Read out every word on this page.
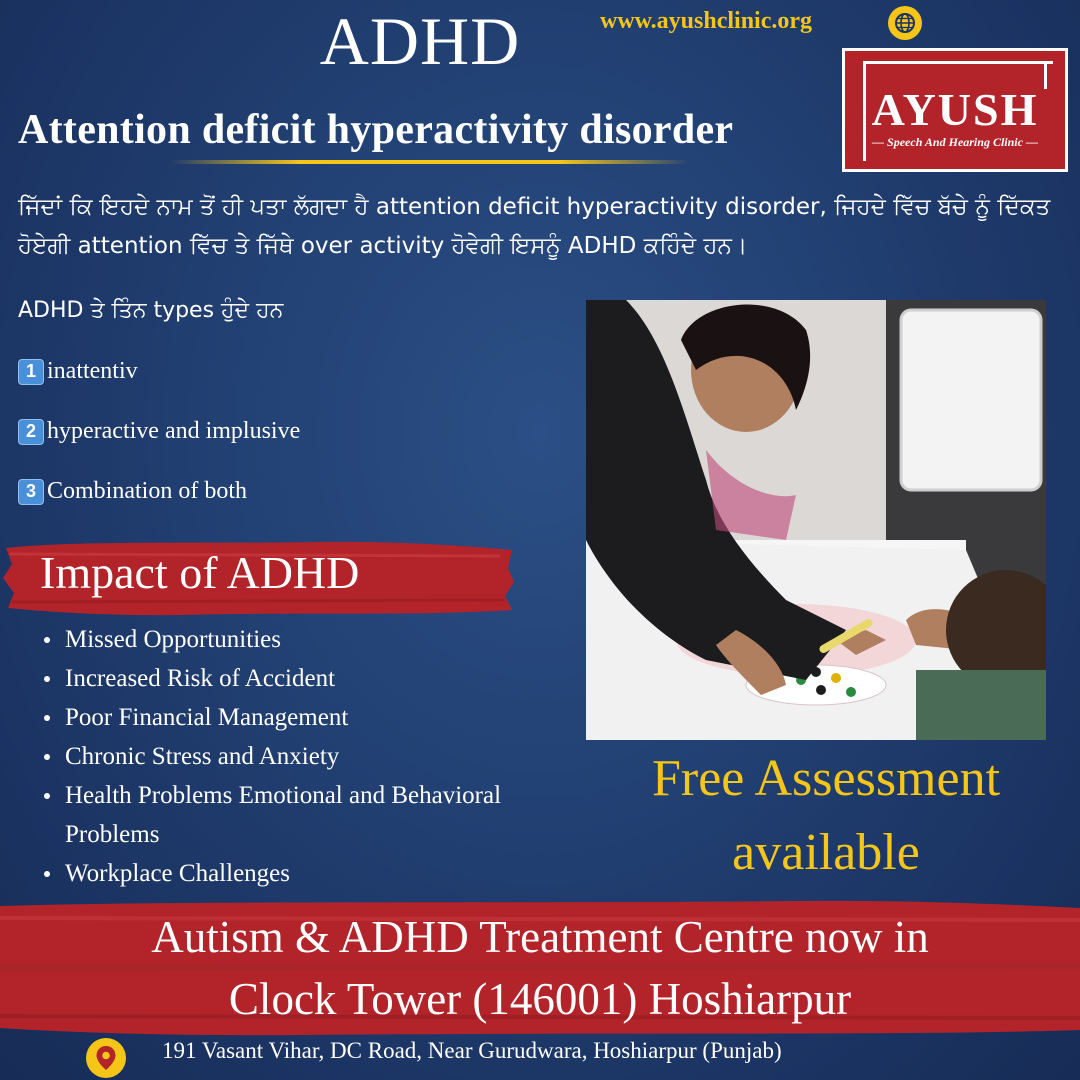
ADHD	www.ayushclinic.org
Attention deficit hyperactivity disorder	AYUSH
— Speech And Hearing Clinic —
ਜਿੱਦਾਂ ਕਿ ਇਹਦੇ ਨਾਮ ਤੋਂ ਹੀ ਪਤਾ ਲੱਗਦਾ ਹੈ attention deficit hyperactivity disorder, ਜਿਹਦੇ ਵਿੱਚ ਬੱਚੇ ਨੂੰ ਦਿੱਕਤ ਹੋਏਗੀ attention ਵਿੱਚ ਤੇ ਜਿੱਥੇ over activity ਹੋਵੇਗੀ ਇਸਨੂੰ ADHD ਕਹਿੰਦੇ ਹਨ।
ADHD ਤੇ ਤਿੰਨ types ਹੁੰਦੇ ਹਨ
1 inattentiv
2 hyperactive and implusive
3 Combination of both
Impact of ADHD
Missed Opportunities
Increased Risk of Accident
Poor Financial Management
Chronic Stress and Anxiety
Health Problems Emotional and Behavioral Problems
Workplace Challenges
Free Assessment
available
Autism & ADHD Treatment Centre now in
Clock Tower (146001) Hoshiarpur
191 Vasant Vihar, DC Road, Near Gurudwara, Hoshiarpur (Punjab)
